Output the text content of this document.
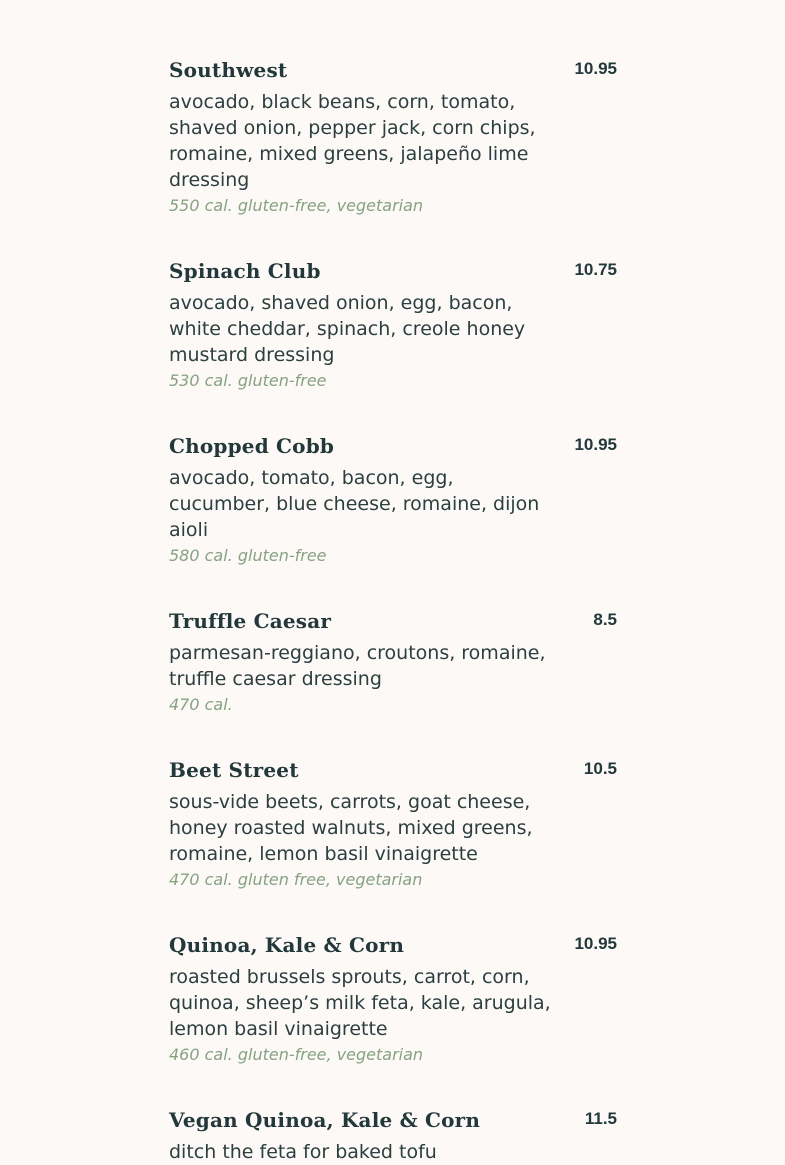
Southwest	10.95
avocado, black beans, corn, tomato, shaved onion, pepper jack, corn chips, romaine, mixed greens, jalapeño lime dressing
550 cal. gluten-free, vegetarian
Spinach Club	10.75
avocado, shaved onion, egg, bacon, white cheddar, spinach, creole honey mustard dressing
530 cal. gluten-free
Chopped Cobb	10.95
avocado, tomato, bacon, egg, cucumber, blue cheese, romaine, dijon aioli
580 cal. gluten-free
Truffle Caesar	8.5
parmesan-reggiano, croutons, romaine, truffle caesar dressing
470 cal.
Beet Street	10.5
sous-vide beets, carrots, goat cheese, honey roasted walnuts, mixed greens, romaine, lemon basil vinaigrette
470 cal. gluten free, vegetarian
Quinoa, Kale & Corn	10.95
roasted brussels sprouts, carrot, corn, quinoa, sheep’s milk feta, kale, arugula, lemon basil vinaigrette
460 cal. gluten-free, vegetarian
Vegan Quinoa, Kale & Corn	11.5
ditch the feta for baked tofu
